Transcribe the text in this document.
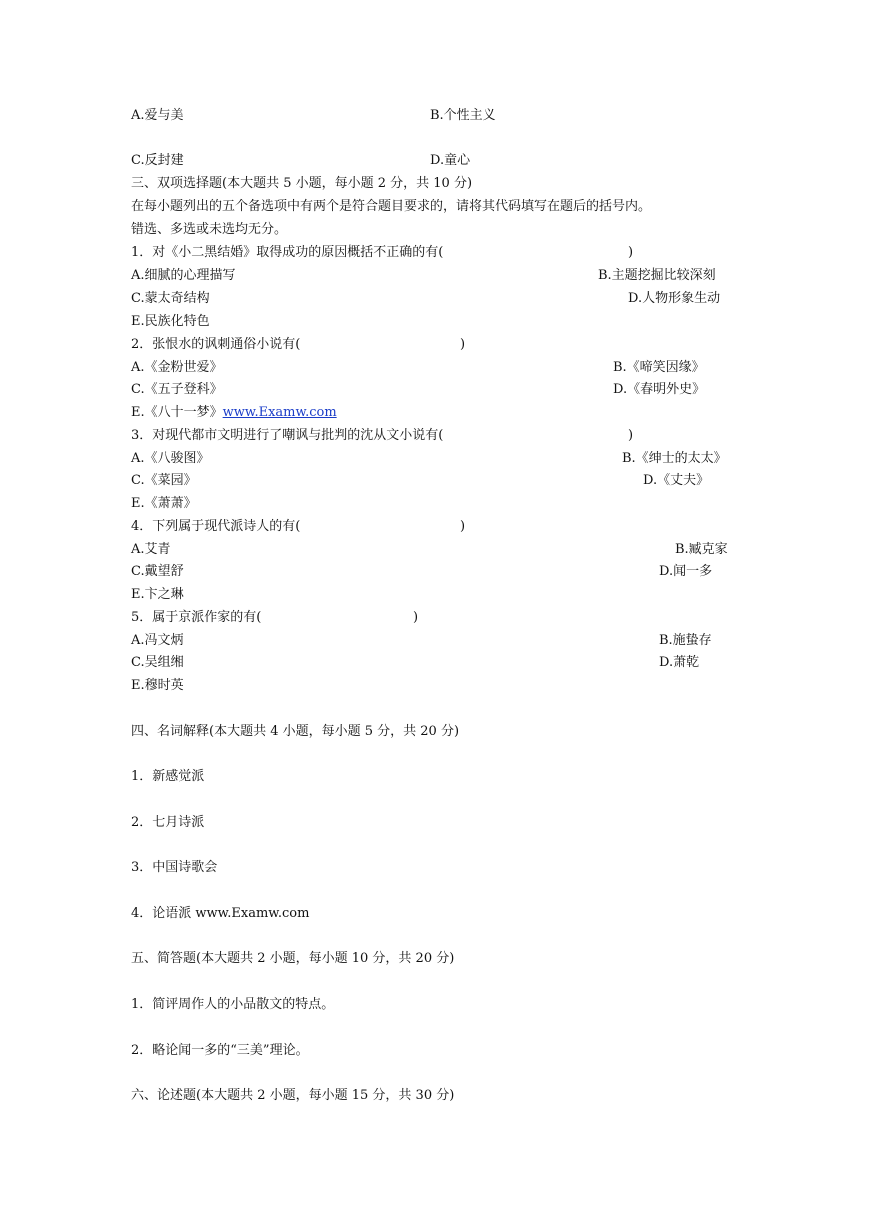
A.爱与美	B.个性主义
C.反封建	D.童心
三、双项选择题(本大题共 5 小题，每小题 2 分，共 10 分)
在每小题列出的五个备选项中有两个是符合题目要求的，请将其代码填写在题后的括号内。
错选、多选或未选均无分。
1．对《小二黑结婚》取得成功的原因概括不正确的有(	)
A.细腻的心理描写	B.主题挖掘比较深刻
C.蒙太奇结构	D.人物形象生动
E.民族化特色
2．张恨水的讽刺通俗小说有(	)
A.《金粉世爱》	B.《啼笑因缘》
C.《五子登科》	D.《春明外史》
E.《八十一梦》www.Examw.com
3．对现代都市文明进行了嘲讽与批判的沈从文小说有(	)
A.《八骏图》	B.《绅士的太太》
C.《菜园》	D.《丈夫》
E.《萧萧》
4．下列属于现代派诗人的有(	)
A.艾青	B.臧克家
C.戴望舒	D.闻一多
E.卞之琳
5．属于京派作家的有(	)
A.冯文炳	B.施蛰存
C.吴组缃	D.萧乾
E.穆时英
四、名词解释(本大题共 4 小题，每小题 5 分，共 20 分)
1．新感觉派
2．七月诗派
3．中国诗歌会
4．论语派 www.Examw.com
五、简答题(本大题共 2 小题，每小题 10 分，共 20 分)
1．简评周作人的小品散文的特点。
2．略论闻一多的“三美”理论。
六、论述题(本大题共 2 小题，每小题 15 分，共 30 分)
